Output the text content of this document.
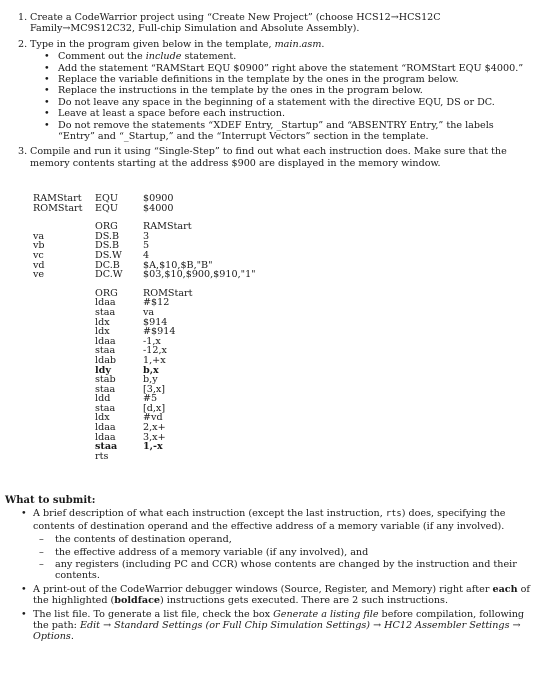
1. Create a CodeWarrior project using “Create New Project” (choose HCS12→HCS12C Family→MC9S12C32, Full-chip Simulation and Absolute Assembly).
2. Type in the program given below in the template, main.asm.
• Comment out the include statement.
• Add the statement “RAMStart EQU $0900” right above the statement “ROMStart EQU $4000.”
• Replace the variable definitions in the template by the ones in the program below.
• Replace the instructions in the template by the ones in the program below.
• Do not leave any space in the beginning of a statement with the directive EQU, DS or DC.
• Leave at least a space before each instruction.
• Do not remove the statements “XDEF Entry, _Startup” and “ABSENTRY Entry,” the labels “Entry” and “_Startup,” and the “Interrupt Vectors” section in the template.
3. Compile and run it using “Single-Step” to find out what each instruction does. Make sure that the memory contents starting at the address $900 are displayed in the memory window.
RAMStart	EQU	$0900
ROMStart	EQU	$4000
ORG	RAMStart
va	DS.B	3
vb	DS.B	5
vc	DS.W	4
vd	DC.B	$A,$10,$B,"B"
ve	DC.W	$03,$10,$900,$910,"1"
ORG	ROMStart
ldaa	#$12
staa	va
ldx	$914
ldx	#$914
ldaa	-1,x
staa	-12,x
ldab	1,+x
ldy	b,x
stab	b,y
staa	[3,x]
ldd	#5
staa	[d,x]
ldx	#vd
ldaa	2,x+
ldaa	3,x+
staa	1,-x
rts
What to submit:
• A brief description of what each instruction (except the last instruction, rts) does, specifying the contents of destination operand and the effective address of a memory variable (if any involved).
– the contents of destination operand,
– the effective address of a memory variable (if any involved), and
– any registers (including PC and CCR) whose contents are changed by the instruction and their contents.
• A print-out of the CodeWarrior debugger windows (Source, Register, and Memory) right after each of the highlighted (boldface) instructions gets executed. There are 2 such instructions.
• The list file. To generate a list file, check the box Generate a listing file before compilation, following the path: Edit → Standard Settings (or Full Chip Simulation Settings) → HC12 Assembler Settings → Options.
